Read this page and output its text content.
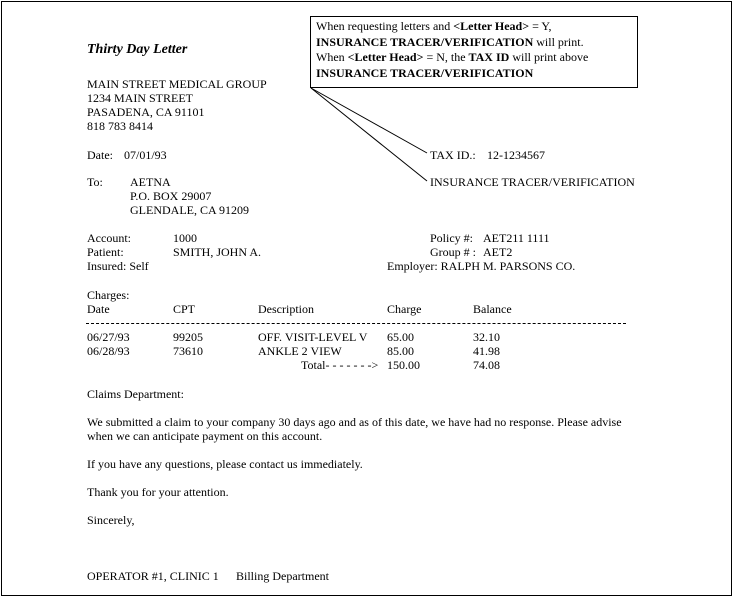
When requesting letters and <Letter Head> = Y,
INSURANCE TRACER/VERIFICATION will print.
When <Letter Head> = N, the TAX ID will print above
INSURANCE TRACER/VERIFICATION
Thirty Day Letter
MAIN STREET MEDICAL GROUP
1234 MAIN STREET
PASADENA, CA 91101
818 783 8414
Date: 07/01/93	TAX ID.: 12-1234567
To: AETNA
P.O. BOX 29007
GLENDALE, CA 91209
INSURANCE TRACER/VERIFICATION
Account:	1000	Policy #: AET211 1111
Patient:	SMITH, JOHN A.	Group # : AET2
Insured: Self	Employer: RALPH M. PARSONS CO.
Charges:
Date	CPT	Description	Charge	Balance
06/27/93	99205	OFF. VISIT-LEVEL V 65.00	32.10
06/28/93	73610	ANKLE 2 VIEW	85.00	41.98
Total- - - - - - -> 150.00	74.08
Claims Department:
We submitted a claim to your company 30 days ago and as of this date, we have had no response. Please advise
when we can anticipate payment on this account.
If you have any questions, please contact us immediately.
Thank you for your attention.
Sincerely,
OPERATOR #1, CLINIC 1 Billing Department
